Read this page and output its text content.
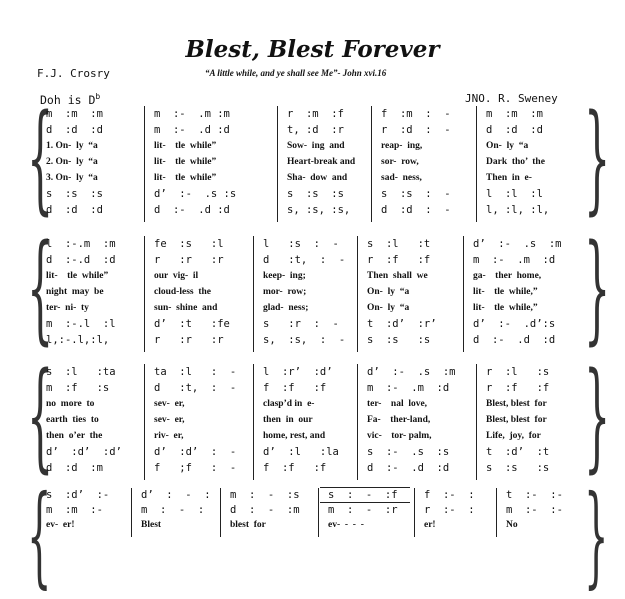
Blest, Blest Forever
F.J. Crosry	“A little while, and ye shall see Me”- John xvi.16
Doh is $D^b$	JNO. R. Sweney
{	}
m  :m  :m	m  :-  .m :m	r  :m  :f	f  :m  :  -	m  :m  :m
d  :d  :d	m  :-  .d :d	t, :d  :r	r  :d  :  -	d  :d  :d
1. On-  ly  “a	lit-    tle  while”	Sow-  ing  and	reap-  ing,	On-  ly  “a
2. On-  ly  “a	lit-    tle  while”	Heart-break and	sor-  row,	Dark  tho’  the
3. On-  ly  “a	lit-    tle  while”	Sha-  dow  and	sad-  ness,	Then  in  e-
s  :s  :s	d’  :-  .s :s	s  :s  :s	s  :s  :  -	l  :l  :l
d  :d  :d	d  :-  .d :d	s, :s, :s,	d  :d  :  -	l, :l, :l,
{	}
l  :-.m  :m	fe  :s   :l	l   :s  :  -	s  :l   :t	d’  :-  .s  :m
d  :-.d  :d	r   :r   :r	d   :t,  :  -	r  :f   :f	m  :-  .m  :d
lit-    tle  while”	our  vig-  il	keep-  ing;	Then  shall  we	ga-    ther  home,
night  may  be	cloud-less  the	mor-  row;	On-  ly  “a	lit-    tle  while,”
ter-  ni-  ty	sun-  shine  and	glad-  ness;	On-  ly  “a	lit-    tle  while,”
m  :-.l  :l	d’  :t   :fe	s   :r  :  -	t  :d’  :r’	d’  :-  .d’:s
l,:-.l,:l,	r   :r   :r	s,  :s,  :  -	s  :s   :s	d  :-  .d  :d
{	}
s  :l   :ta	ta  :l   :  -	l  :r’  :d’	d’  :-  .s  :m	r  :l   :s
m  :f   :s	d   :t,  :  -	f  :f   :f	m  :-  .m  :d	r  :f   :f
no  more  to	sev-  er,	clasp’d in  e-	ter-    nal  love,	Blest, blest  for
earth  ties  to	sev-  er,	then  in  our	Fa-    ther-land,	Blest, blest  for
then  o’er  the	riv-  er,	home, rest, and	vic-    tor- palm,	Life,  joy,  for
d’  :d’  :d’	d’  :d’  :  -	d’  :l   :la	s  :-  .s  :s	t  :d’  :t
d  :d  :m	f   ;f   :  -	f  :f   :f	d  :-  .d  :d	s  :s   :s
{	}
s  :d’  :-	d’  :  -  :	m  :  -  :s	s  :  -  :f	f  :-  :	t  :-  :-
m  :m  :-	m  :  -  :	d  :  -  :m	m  :  -  :r	r  :-  :	m  :-  :-
ev-  er!	Blest	blest  for	ev-  -  -  -	er!	No
